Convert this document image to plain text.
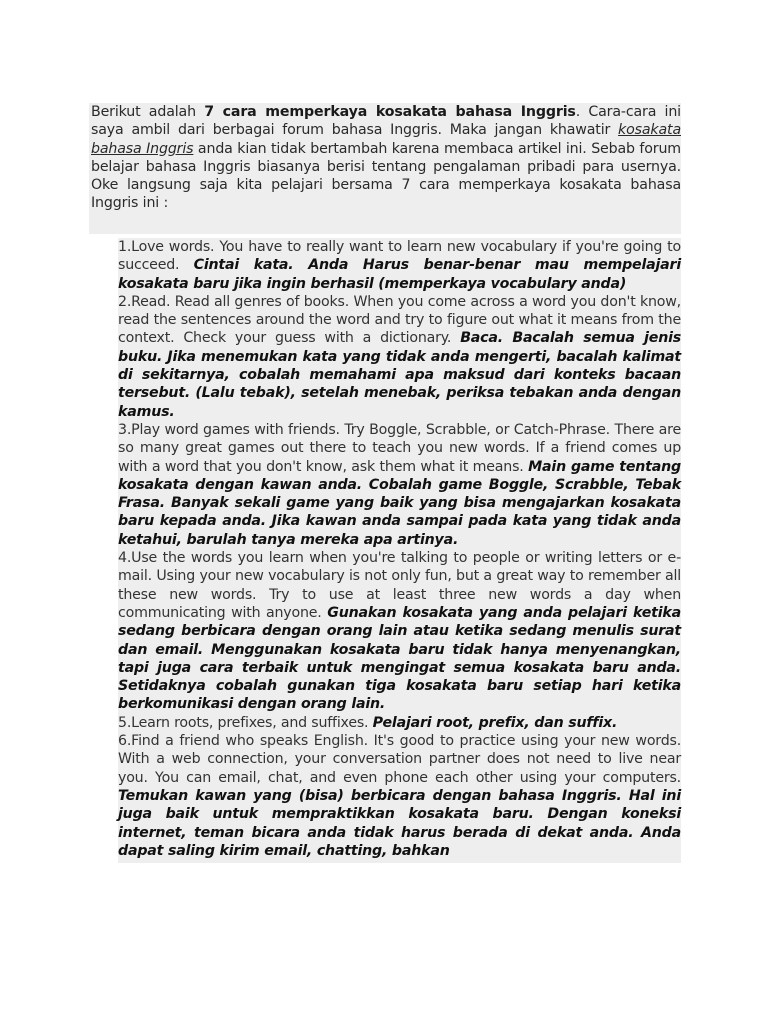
Berikut adalah 7 cara memperkaya kosakata bahasa Inggris. Cara-cara ini saya ambil dari berbagai forum bahasa Inggris. Maka jangan khawatir kosakata bahasa Inggris anda kian tidak bertambah karena membaca artikel ini. Sebab forum belajar bahasa Inggris biasanya berisi tentang pengalaman pribadi para usernya. Oke langsung saja kita pelajari bersama 7 cara memperkaya kosakata bahasa Inggris ini :

1.Love words. You have to really want to learn new vocabulary if you're going to succeed. Cintai kata. Anda Harus benar-benar mau mempelajari kosakata baru jika ingin berhasil (memperkaya vocabulary anda)

2.Read. Read all genres of books. When you come across a word you don't know, read the sentences around the word and try to figure out what it means from the context. Check your guess with a dictionary. Baca. Bacalah semua jenis buku. Jika menemukan kata yang tidak anda mengerti, bacalah kalimat di sekitarnya, cobalah memahami apa maksud dari konteks bacaan tersebut. (Lalu tebak), setelah menebak, periksa tebakan anda dengan kamus.

3.Play word games with friends. Try Boggle, Scrabble, or Catch-Phrase. There are so many great games out there to teach you new words. If a friend comes up with a word that you don't know, ask them what it means. Main game tentang kosakata dengan kawan anda. Cobalah game Boggle, Scrabble, Tebak Frasa. Banyak sekali game yang baik yang bisa mengajarkan kosakata baru kepada anda. Jika kawan anda sampai pada kata yang tidak anda ketahui, barulah tanya mereka apa artinya.

4.Use the words you learn when you're talking to people or writing letters or e-mail. Using your new vocabulary is not only fun, but a great way to remember all these new words. Try to use at least three new words a day when communicating with anyone. Gunakan kosakata yang anda pelajari ketika sedang berbicara dengan orang lain atau ketika sedang menulis surat dan email. Menggunakan kosakata baru tidak hanya menyenangkan, tapi juga cara terbaik untuk mengingat semua kosakata baru anda. Setidaknya cobalah gunakan tiga kosakata baru setiap hari ketika berkomunikasi dengan orang lain.

5.Learn roots, prefixes, and suffixes. Pelajari root, prefix, dan suffix.

6.Find a friend who speaks English. It's good to practice using your new words. With a web connection, your conversation partner does not need to live near you. You can email, chat, and even phone each other using your computers. Temukan kawan yang (bisa) berbicara dengan bahasa Inggris. Hal ini juga baik untuk mempraktikkan kosakata baru. Dengan koneksi internet, teman bicara anda tidak harus berada di dekat anda. Anda dapat saling kirim email, chatting, bahkan
